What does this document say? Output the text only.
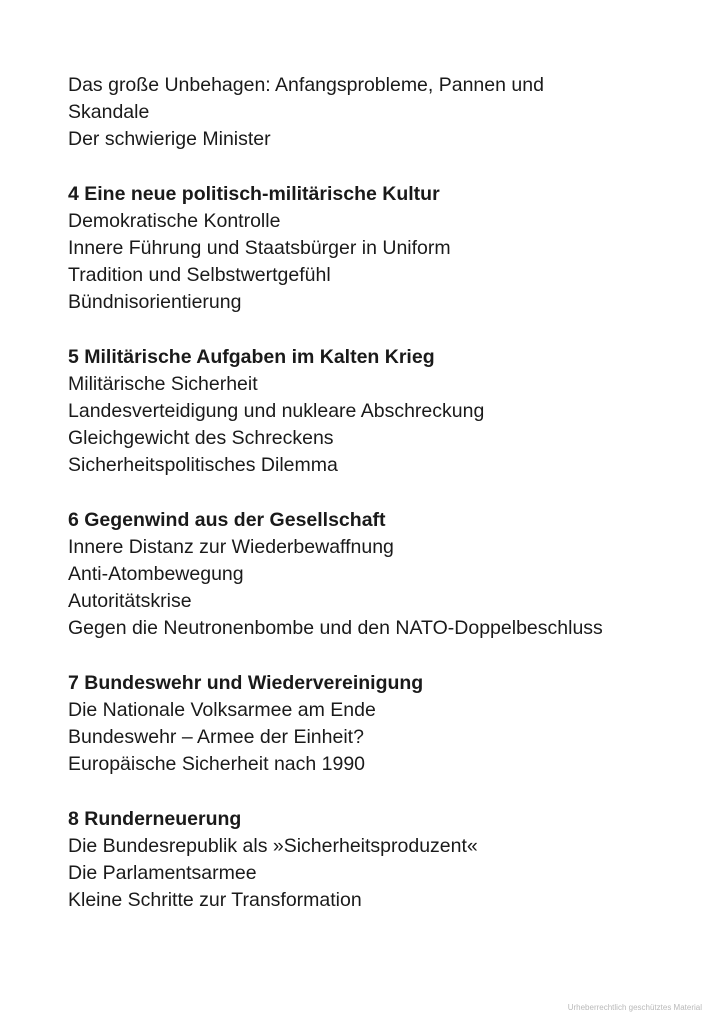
Das große Unbehagen: Anfangsprobleme, Pannen und Skandale

Der schwierige Minister

4 Eine neue politisch-militärische Kultur

Demokratische Kontrolle

Innere Führung und Staatsbürger in Uniform

Tradition und Selbstwertgefühl

Bündnisorientierung

5 Militärische Aufgaben im Kalten Krieg

Militärische Sicherheit

Landesverteidigung und nukleare Abschreckung

Gleichgewicht des Schreckens

Sicherheitspolitisches Dilemma

6 Gegenwind aus der Gesellschaft

Innere Distanz zur Wiederbewaffnung

Anti-Atombewegung

Autoritätskrise

Gegen die Neutronenbombe und den NATO-Doppelbeschluss

7 Bundeswehr und Wiedervereinigung

Die Nationale Volksarmee am Ende

Bundeswehr – Armee der Einheit?

Europäische Sicherheit nach 1990

8 Runderneuerung

Die Bundesrepublik als »Sicherheitsproduzent«

Die Parlamentsarmee

Kleine Schritte zur Transformation

Urheberrechtlich geschütztes Material
